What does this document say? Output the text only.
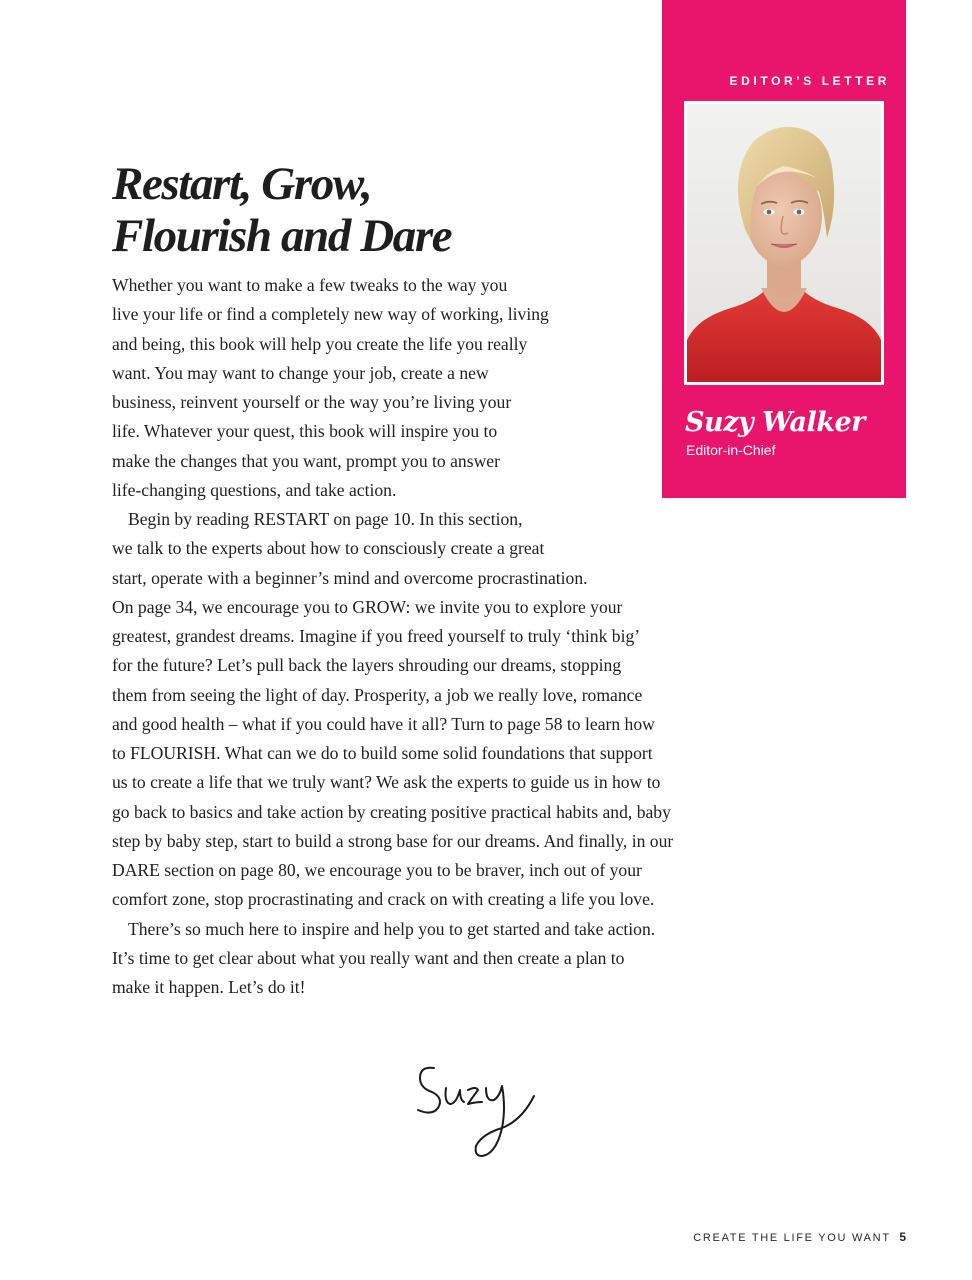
EDITOR’S LETTER
Suzy Walker
Editor-in-Chief
Restart, Grow,
Flourish and Dare
Whether you want to make a few tweaks to the way you
live your life or find a completely new way of working, living
and being, this book will help you create the life you really
want. You may want to change your job, create a new
business, reinvent yourself or the way you’re living your
life. Whatever your quest, this book will inspire you to
make the changes that you want, prompt you to answer
life-changing questions, and take action.
Begin by reading RESTART on page 10. In this section,
we talk to the experts about how to consciously create a great
start, operate with a beginner’s mind and overcome procrastination.
On page 34, we encourage you to GROW: we invite you to explore your
greatest, grandest dreams. Imagine if you freed yourself to truly ‘think big’
for the future? Let’s pull back the layers shrouding our dreams, stopping
them from seeing the light of day. Prosperity, a job we really love, romance
and good health – what if you could have it all? Turn to page 58 to learn how
to FLOURISH. What can we do to build some solid foundations that support
us to create a life that we truly want? We ask the experts to guide us in how to
go back to basics and take action by creating positive practical habits and, baby
step by baby step, start to build a strong base for our dreams. And finally, in our
DARE section on page 80, we encourage you to be braver, inch out of your
comfort zone, stop procrastinating and crack on with creating a life you love.
There’s so much here to inspire and help you to get started and take action.
It’s time to get clear about what you really want and then create a plan to
make it happen. Let’s do it!
CREATE THE LIFE YOU WANT 5
